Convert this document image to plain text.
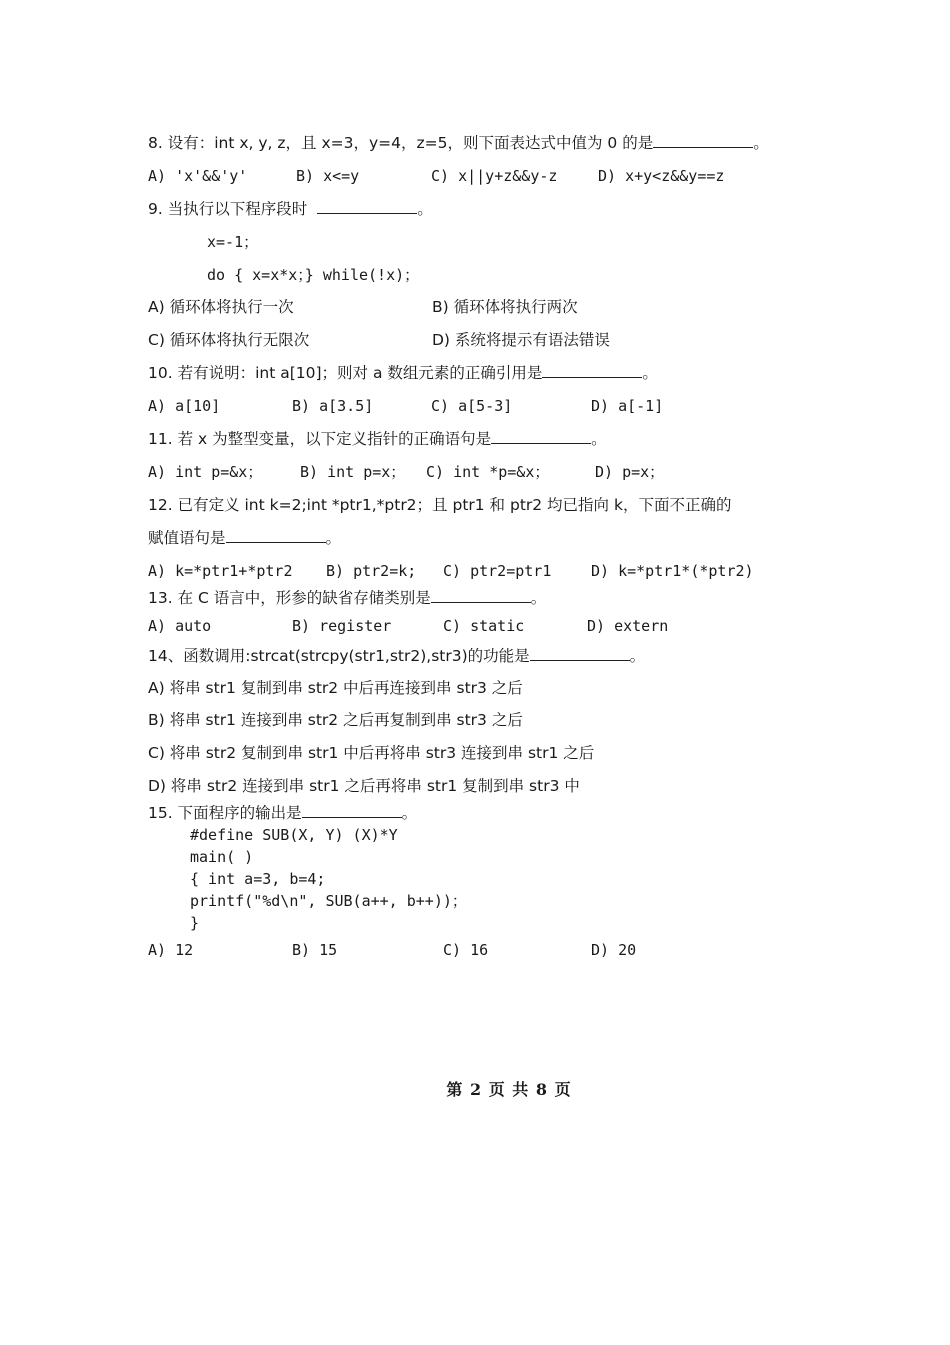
8. 设有：int x, y, z，且 x=3，y=4，z=5，则下面表达式中值为 0 的是	。
A) 'x'&&'y'	B) x<=y	C) x||y+z&&y-z	D) x+y<z&&y==z
9. 当执行以下程序段时	。
x=-1；
do { x=x*x；} while(!x)；
A) 循环体将执行一次	B) 循环体将执行两次
C) 循环体将执行无限次	D) 系统将提示有语法错误
10. 若有说明：int a[10]；则对 a 数组元素的正确引用是	。
A) a[10]	B) a[3.5]	C) a[5-3]	D) a[-1]
11. 若 x 为整型变量，以下定义指针的正确语句是	。
A) int p=&x；	B) int p=x； C) int *p=&x；	D) p=x；
12. 已有定义 int k=2;int *ptr1,*ptr2；且 ptr1 和 ptr2 均已指向 k，下面不正确的
赋值语句是	。
A) k=*ptr1+*ptr2 B) ptr2=k; C) ptr2=ptr1	D) k=*ptr1*(*ptr2)
13. 在 C 语言中，形参的缺省存储类别是	。
A) auto	B) register	C) static	D) extern
14、函数调用:strcat(strcpy(str1,str2),str3)的功能是	。
A) 将串 str1 复制到串 str2 中后再连接到串 str3 之后
B) 将串 str1 连接到串 str2 之后再复制到串 str3 之后
C) 将串 str2 复制到串 str1 中后再将串 str3 连接到串 str1 之后
D) 将串 str2 连接到串 str1 之后再将串 str1 复制到串 str3 中
15. 下面程序的输出是	。
#define SUB(X, Y) (X)*Y
main( )
{ int a=3, b=4;
printf("%d\n", SUB(a++, b++))；
}
A) 12	B) 15	C) 16	D) 20
第 2 页 共 8 页
